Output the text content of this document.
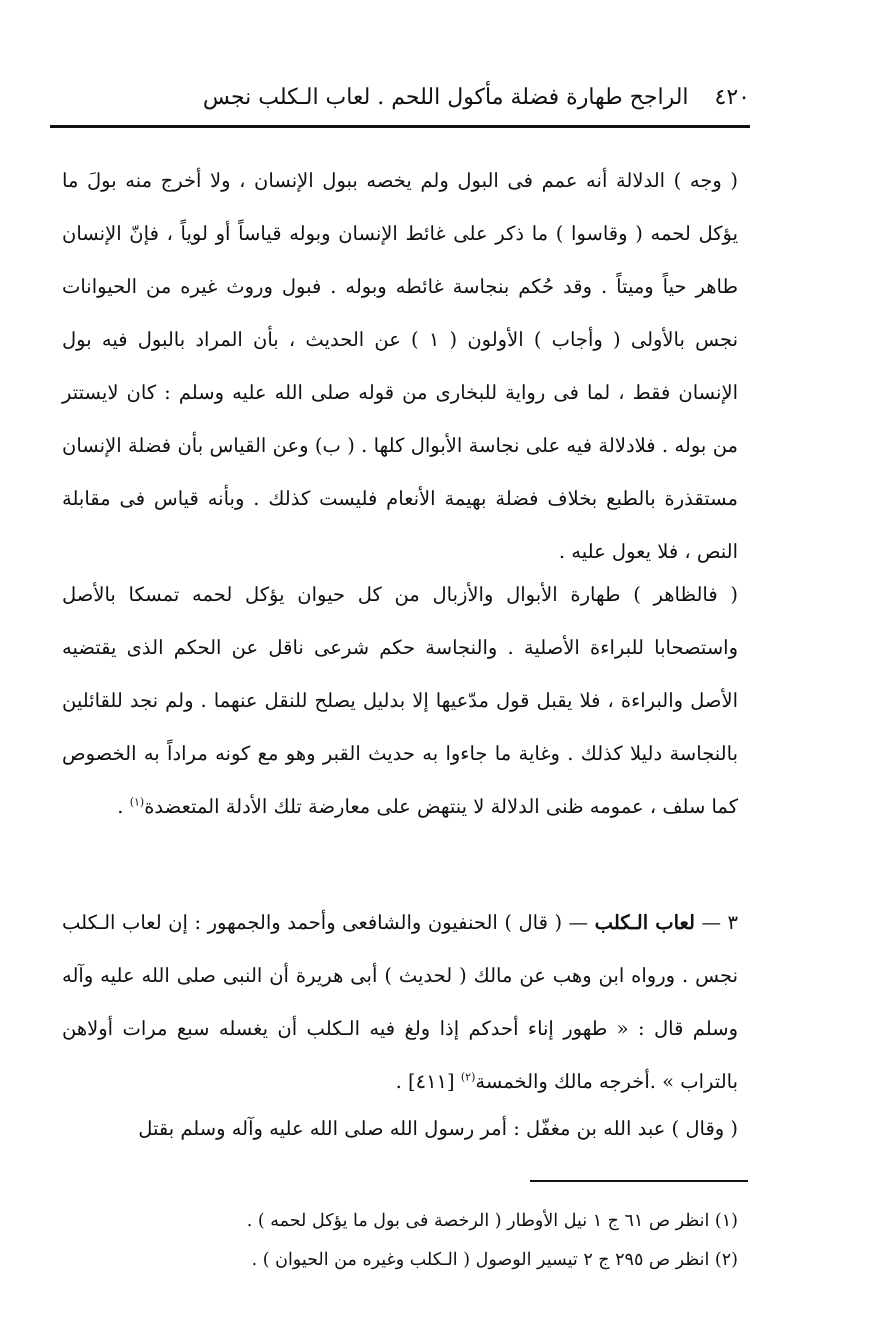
٤٢٠
الراجح طهارة فضلة مأكول اللحم . لعاب الـكلب نجس

( وجه ) الدلالة أنه عمم فى البول ولم يخصه ببول الإنسان ، ولا أخرج منه بولَ ما يؤكل لحمه ( وقاسوا ) ما ذكر على غائط الإنسان وبوله قياساً أو لوياً ، فإنّ الإنسان طاهر حياً وميتاً . وقد حُكم بنجاسة غائطه وبوله . فبول وروث غيره من الحيوانات نجس بالأولى ( وأجاب ) الأولون ( ١ ) عن الحديث ، بأن المراد بالبول فيه بول الإنسان فقط ، لما فى رواية للبخارى من قوله صلى الله عليه وسلم : كان لايستتر من بوله . فلادلالة فيه على نجاسة الأبوال كلها . ( ب) وعن القياس بأن فضلة الإنسان مستقذرة بالطبع بخلاف فضلة بهيمة الأنعام فليست كذلك . وبأنه قياس فى مقابلة النص ، فلا يعول عليه .

( فالظاهر ) طهارة الأبوال والأزبال من كل حيوان يؤكل لحمه تمسكا بالأصل واستصحابا للبراءة الأصلية . والنجاسة حكم شرعى ناقل عن الحكم الذى يقتضيه الأصل والبراءة ، فلا يقبل قول مدّعيها إلا بدليل يصلح للنقل عنهما . ولم نجد للقائلين بالنجاسة دليلا كذلك . وغاية ما جاءوا به حديث القبر وهو مع كونه مراداً به الخصوص كما سلف ، عمومه ظنى الدلالة لا ينتهض على معارضة تلك الأدلة المتعضدة$^{(١)}$ .

٣ — لعاب الـكلب — ( قال ) الحنفيون والشافعى وأحمد والجمهور : إن لعاب الـكلب نجس . ورواه ابن وهب عن مالك ( لحديث ) أبى هريرة أن النبى صلى الله عليه وآله وسلم قال : « طهور إناء أحدكم إذا ولغ فيه الـكلب أن يغسله سبع مرات أولاهن بالتراب » .أخرجه مالك والخمسة$^{(٢)}$ [٤١١] .

( وقال ) عبد الله بن مغفّل : أمر رسول الله صلى الله عليه وآله وسلم بقتل

(١) انظر ص ٦١ ج ١ نيل الأوطار ( الرخصة فى بول ما يؤكل لحمه ) .

(٢) انظر ص ٢٩٥ ج ٢ تيسير الوصول ( الـكلب وغيره من الحيوان ) .
